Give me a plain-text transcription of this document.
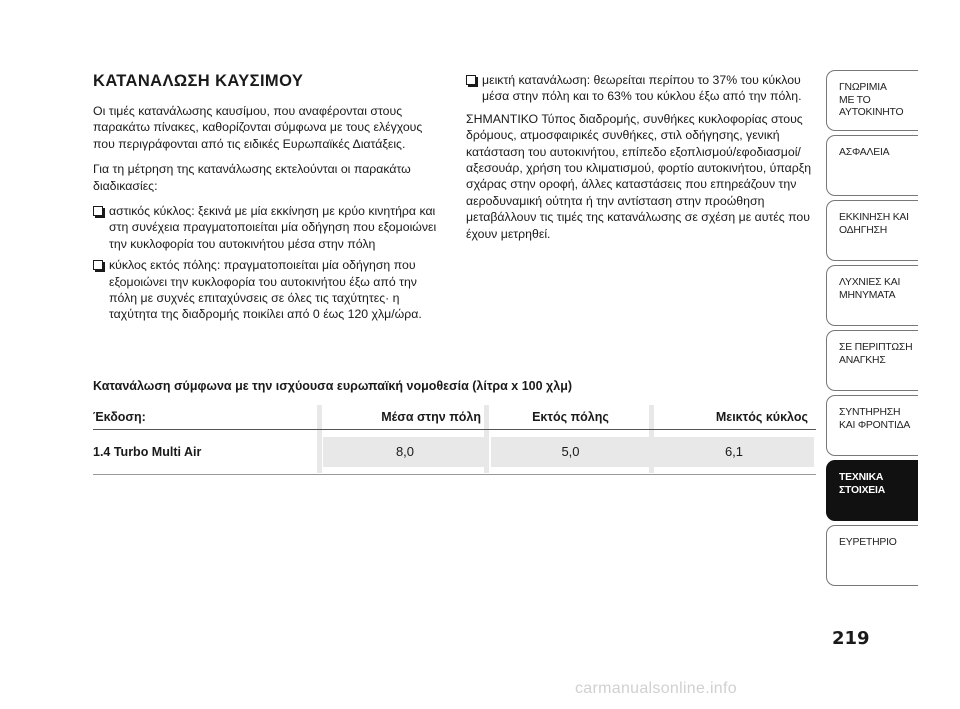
ΚΑΤΑΝΑΛΩΣΗ ΚΑΥΣΙΜΟΥ

Οι τιμές κατανάλωσης καυσίμου, που αναφέρονται στους παρακάτω πίνακες, καθορίζονται σύμφωνα με τους ελέγχους που περιγράφονται από τις ειδικές Ευρωπαϊκές Διατάξεις.

Για τη μέτρηση της κατανάλωσης εκτελούνται οι παρακάτω διαδικασίες:

αστικός κύκλος: ξεκινά με μία εκκίνηση με κρύο κινητήρα και στη συνέχεια πραγματοποιείται μία οδήγηση που εξομοιώνει την κυκλοφορία του αυτοκινήτου μέσα στην πόλη
κύκλος εκτός πόλης: πραγματοποιείται μία οδήγηση που εξομοιώνει την κυκλοφορία του αυτοκινήτου έξω από την πόλη με συχνές επιταχύνσεις σε όλες τις ταχύτητες· η ταχύτητα της διαδρομής ποικίλει από 0 έως 120 χλμ/ώρα.
μεικτή κατανάλωση: θεωρείται περίπου το 37% του κύκλου μέσα στην πόλη και το 63% του κύκλου έξω από την πόλη.

ΣΗΜΑΝΤΙΚΟ Τύπος διαδρομής, συνθήκες κυκλοφορίας στους δρόμους, ατμοσφαιρικές συνθήκες, στιλ οδήγησης, γενική κατάσταση του αυτοκινήτου, επίπεδο εξοπλισμού/εφοδιασμοί/αξεσουάρ, χρήση του κλιματισμού, φορτίο αυτοκινήτου, ύπαρξη σχάρας στην οροφή, άλλες καταστάσεις που επηρεάζουν την αεροδυναμική ούτητα ή την αντίσταση στην προώθηση μεταβάλλουν τις τιμές της κατανάλωσης σε σχέση με αυτές που έχουν μετρηθεί.

Κατανάλωση σύμφωνα με την ισχύουσα ευρωπαϊκή νομοθεσία (λίτρα x 100 χλμ)
Έκδοση:	Μέσα στην πόλη	Εκτός πόλης	Μεικτός κύκλος
1.4 Turbo Multi Air	8,0	5,0	6,1
ΓΝΩΡΙΜΙΑ
ΜΕ ΤΟ
ΑΥΤΟΚΙΝΗΤΟ
ΑΣΦΑΛΕΙΑ
ΕΚΚΙΝΗΣΗ ΚΑΙ
ΟΔΗΓΗΣΗ
ΛΥΧΝΙΕΣ ΚΑΙ
ΜΗΝΥΜΑΤΑ
ΣΕ ΠΕΡΙΠΤΩΣΗ
ΑΝΑΓΚΗΣ
ΣΥΝΤΗΡΗΣΗ
ΚΑΙ ΦΡΟΝΤΙΔΑ
ΤΕΧΝΙΚΑ
ΣΤΟΙΧΕΙΑ
ΕΥΡΕΤΗΡΙΟ
219
carmanualsonline.info
